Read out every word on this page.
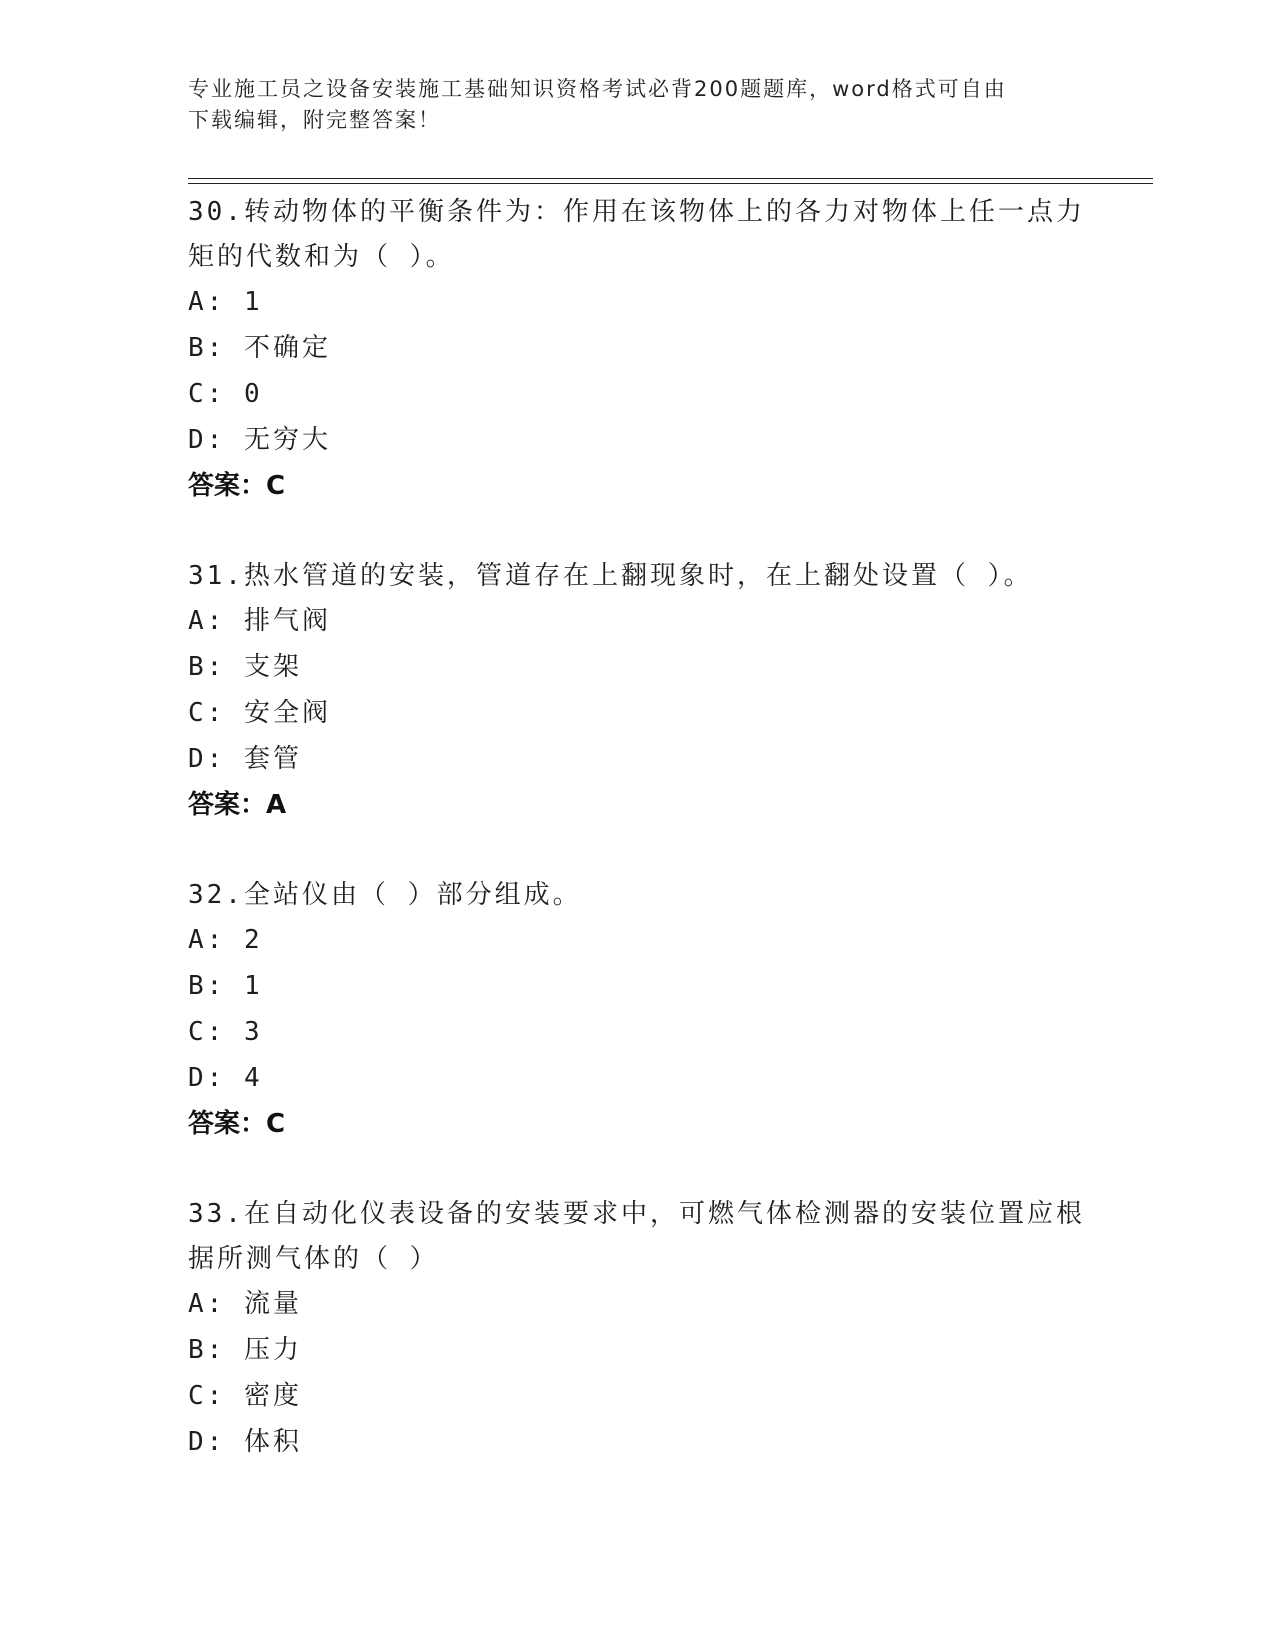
专业施工员之设备安装施工基础知识资格考试必背200题题库，word格式可自由
下载编辑，附完整答案！
30.转动物体的平衡条件为：作用在该物体上的各力对物体上任一点力
矩的代数和为（ ）。
A: 1
B: 不确定
C: 0
D: 无穷大
答案：C
31.热水管道的安装，管道存在上翻现象时，在上翻处设置（ ）。
A: 排气阀
B: 支架
C: 安全阀
D: 套管
答案：A
32.全站仪由（ ）部分组成。
A: 2
B: 1
C: 3
D: 4
答案：C
33.在自动化仪表设备的安装要求中，可燃气体检测器的安装位置应根
据所测气体的（ ）
A: 流量
B: 压力
C: 密度
D: 体积
